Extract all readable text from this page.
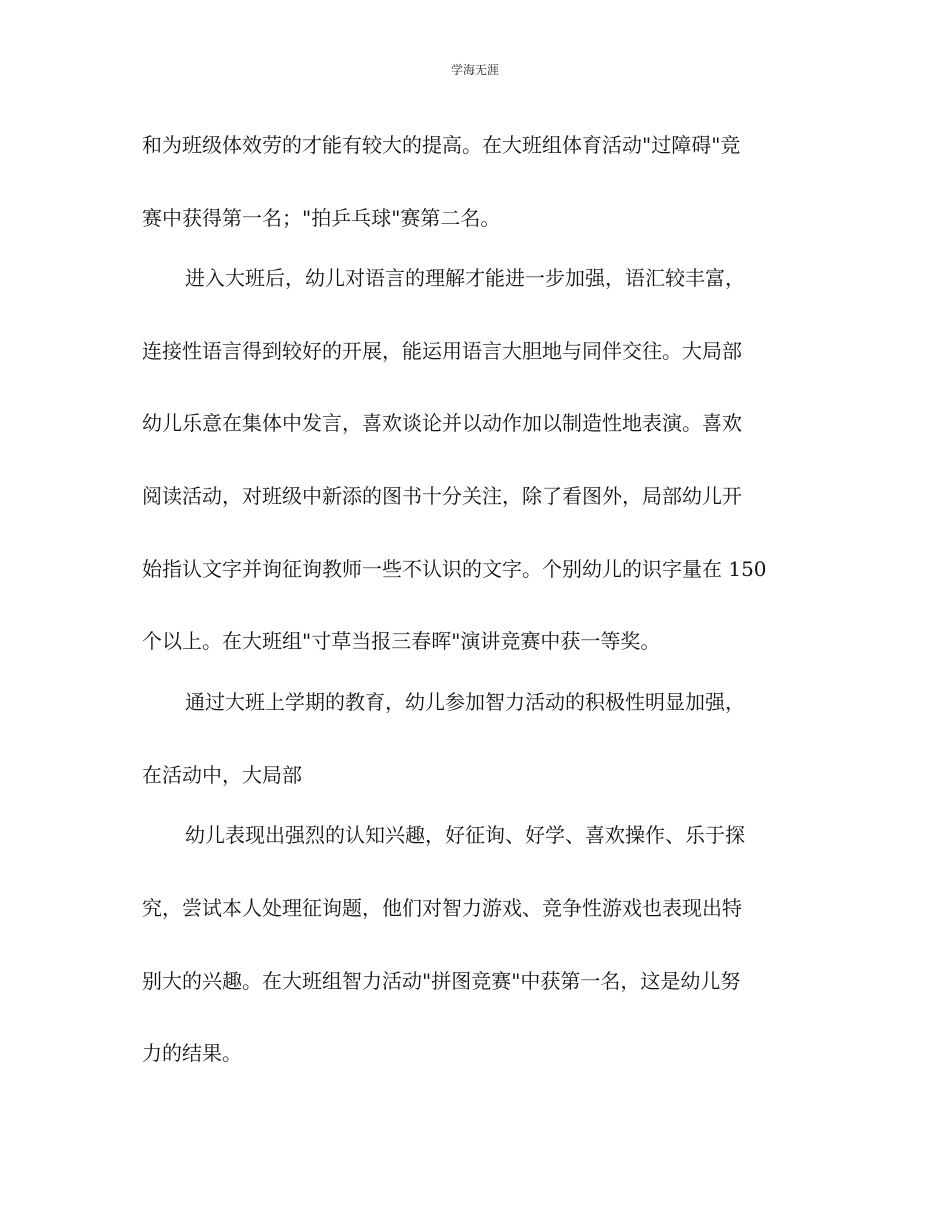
学海无涯
和为班级体效劳的才能有较大的提高。在大班组体育活动"过障碍"竞
赛中获得第一名；"拍乒乓球"赛第二名。
进入大班后，幼儿对语言的理解才能进一步加强，语汇较丰富，
连接性语言得到较好的开展，能运用语言大胆地与同伴交往。大局部
幼儿乐意在集体中发言，喜欢谈论并以动作加以制造性地表演。喜欢
阅读活动，对班级中新添的图书十分关注，除了看图外，局部幼儿开
始指认文字并询征询教师一些不认识的文字。个别幼儿的识字量在 150
个以上。在大班组"寸草当报三春晖"演讲竞赛中获一等奖。
通过大班上学期的教育，幼儿参加智力活动的积极性明显加强，
在活动中，大局部
幼儿表现出强烈的认知兴趣，好征询、好学、喜欢操作、乐于探
究，尝试本人处理征询题，他们对智力游戏、竞争性游戏也表现出特
别大的兴趣。在大班组智力活动"拼图竞赛"中获第一名，这是幼儿努
力的结果。
